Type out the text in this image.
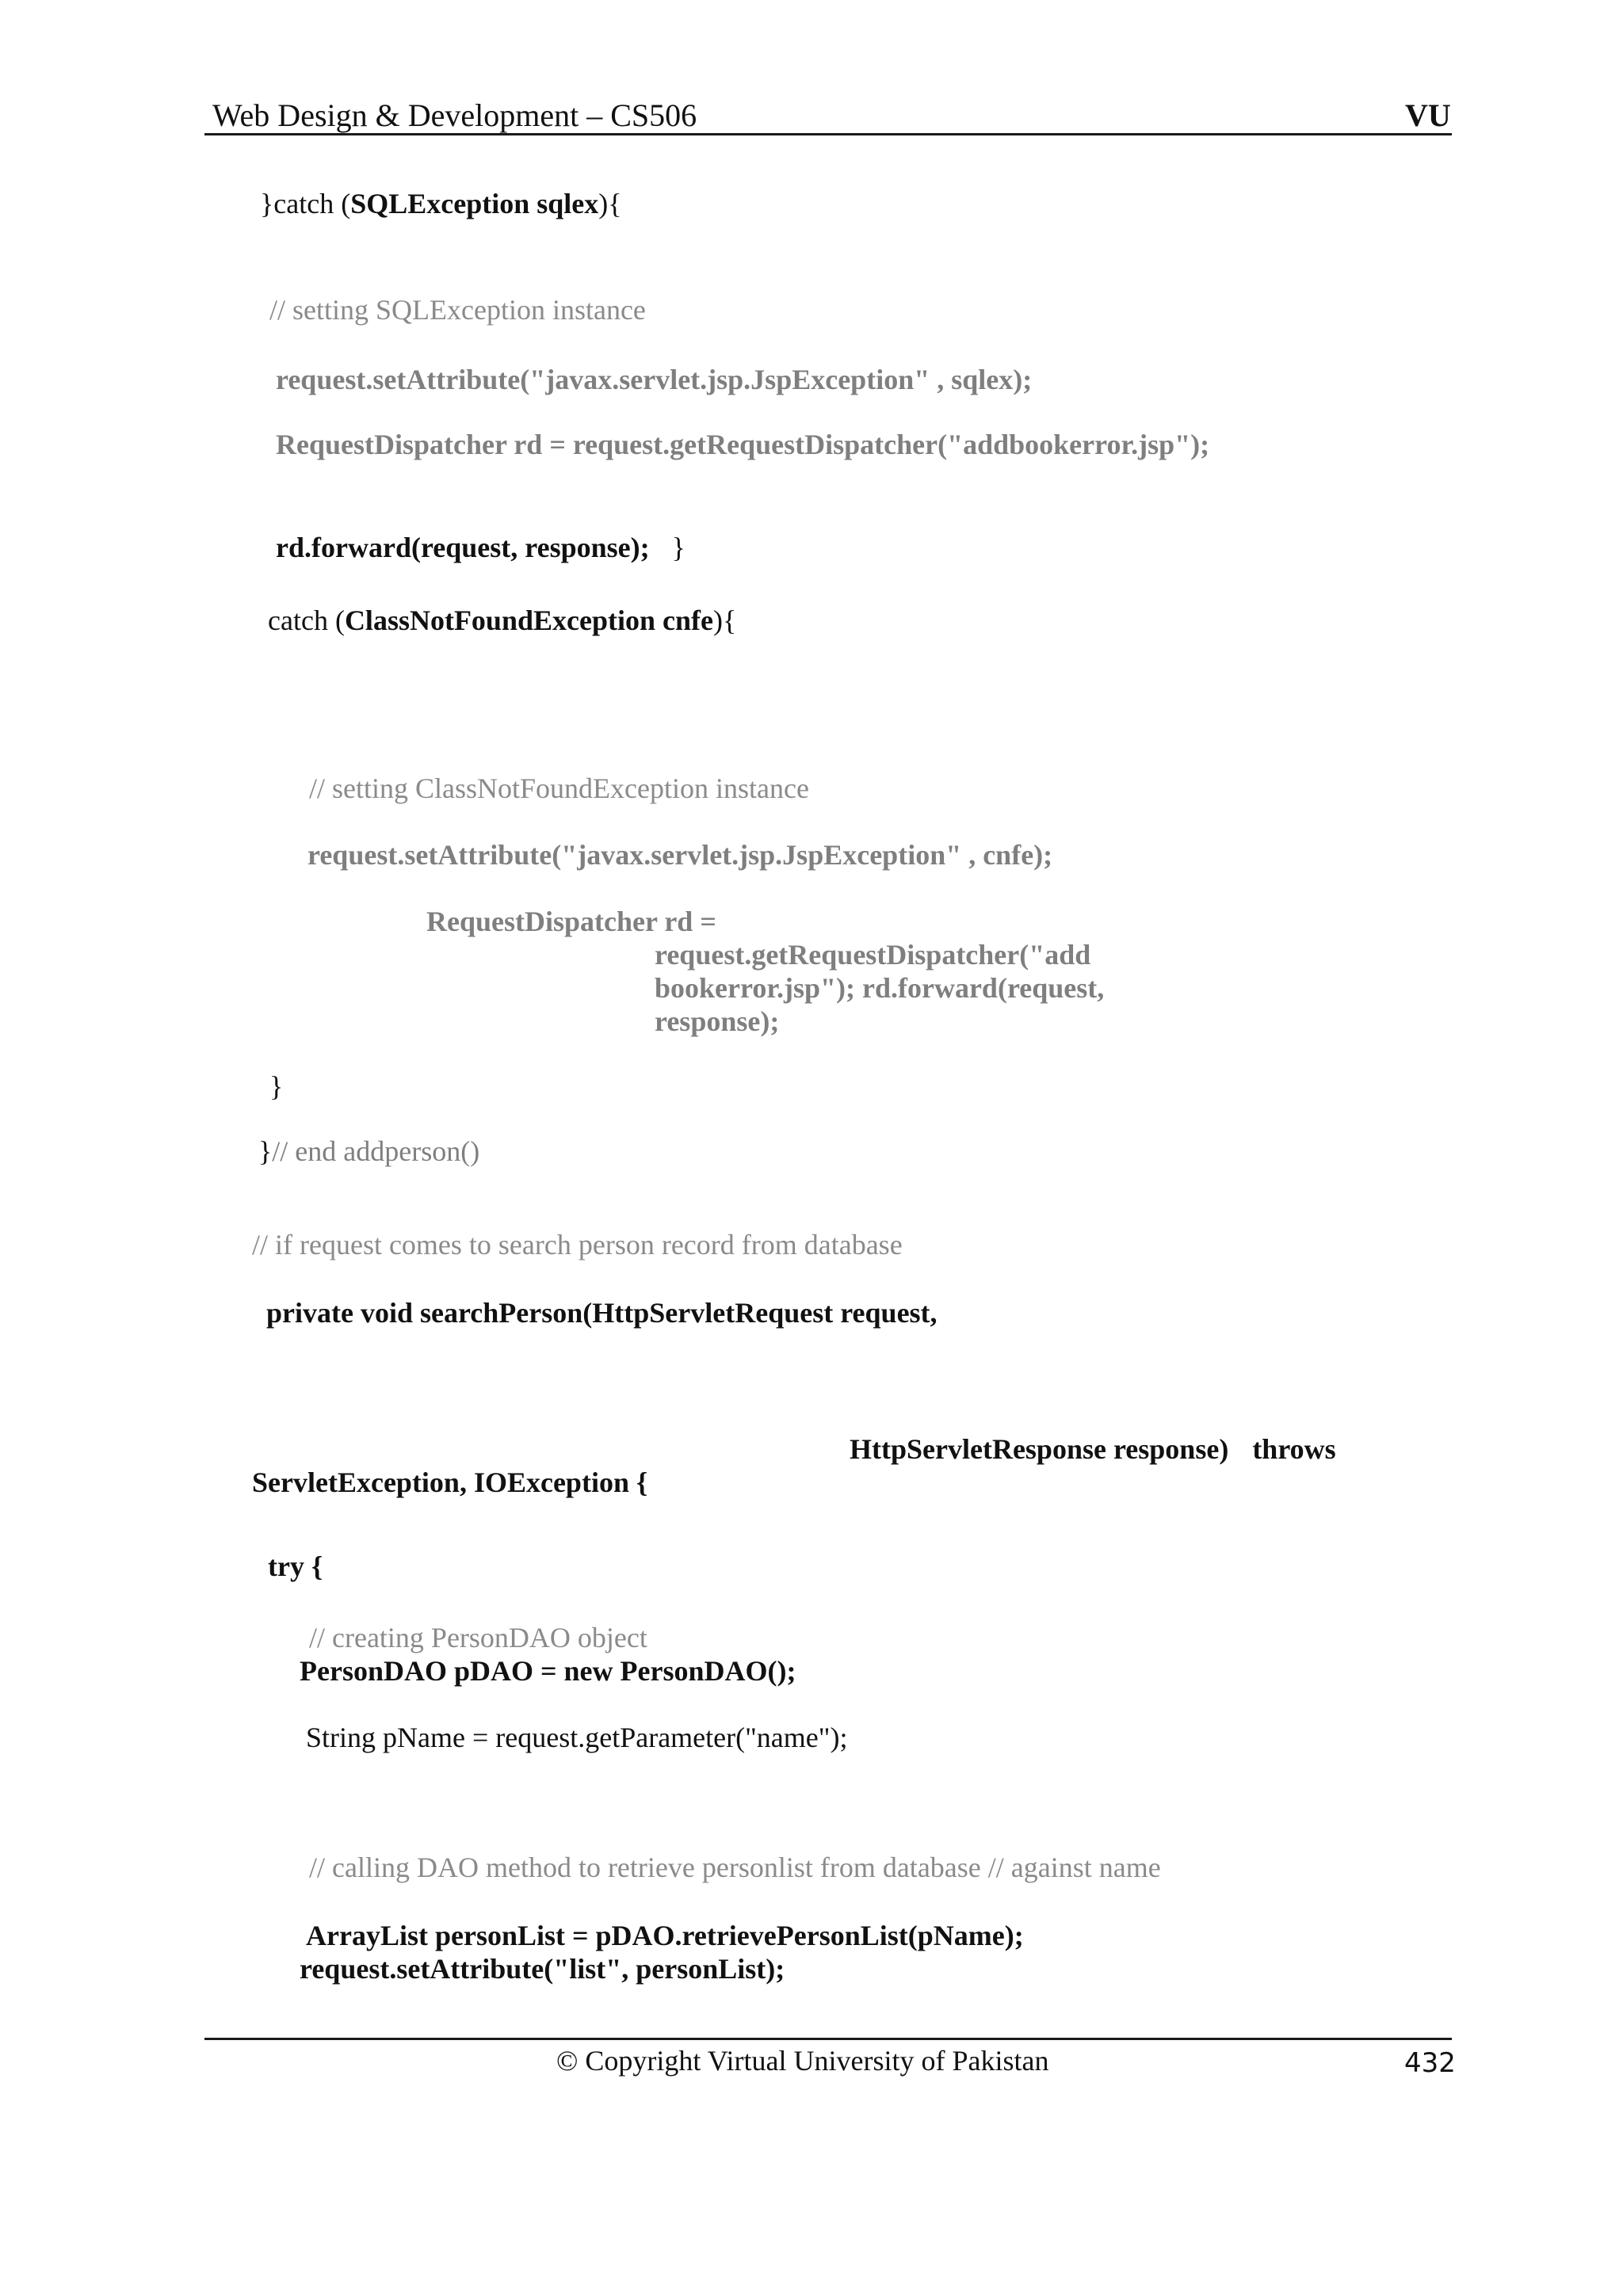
Web Design & Development – CS506	VU
}catch (SQLException sqlex){
// setting SQLException instance
request.setAttribute("javax.servlet.jsp.JspException" , sqlex);
RequestDispatcher rd = request.getRequestDispatcher("addbookerror.jsp");
rd.forward(request, response); }
catch (ClassNotFoundException cnfe){
// setting ClassNotFoundException instance
request.setAttribute("javax.servlet.jsp.JspException" , cnfe);
RequestDispatcher rd =
request.getRequestDispatcher("add
bookerror.jsp"); rd.forward(request,
response);
}
}// end addperson()
// if request comes to search person record from database
private void searchPerson(HttpServletRequest request,
HttpServletResponse response) throws
ServletException, IOException {
try {
// creating PersonDAO object
PersonDAO pDAO = new PersonDAO();
String pName = request.getParameter("name");
// calling DAO method to retrieve personlist from database // against name
ArrayList personList = pDAO.retrievePersonList(pName);
request.setAttribute("list", personList);
© Copyright Virtual University of Pakistan	432
